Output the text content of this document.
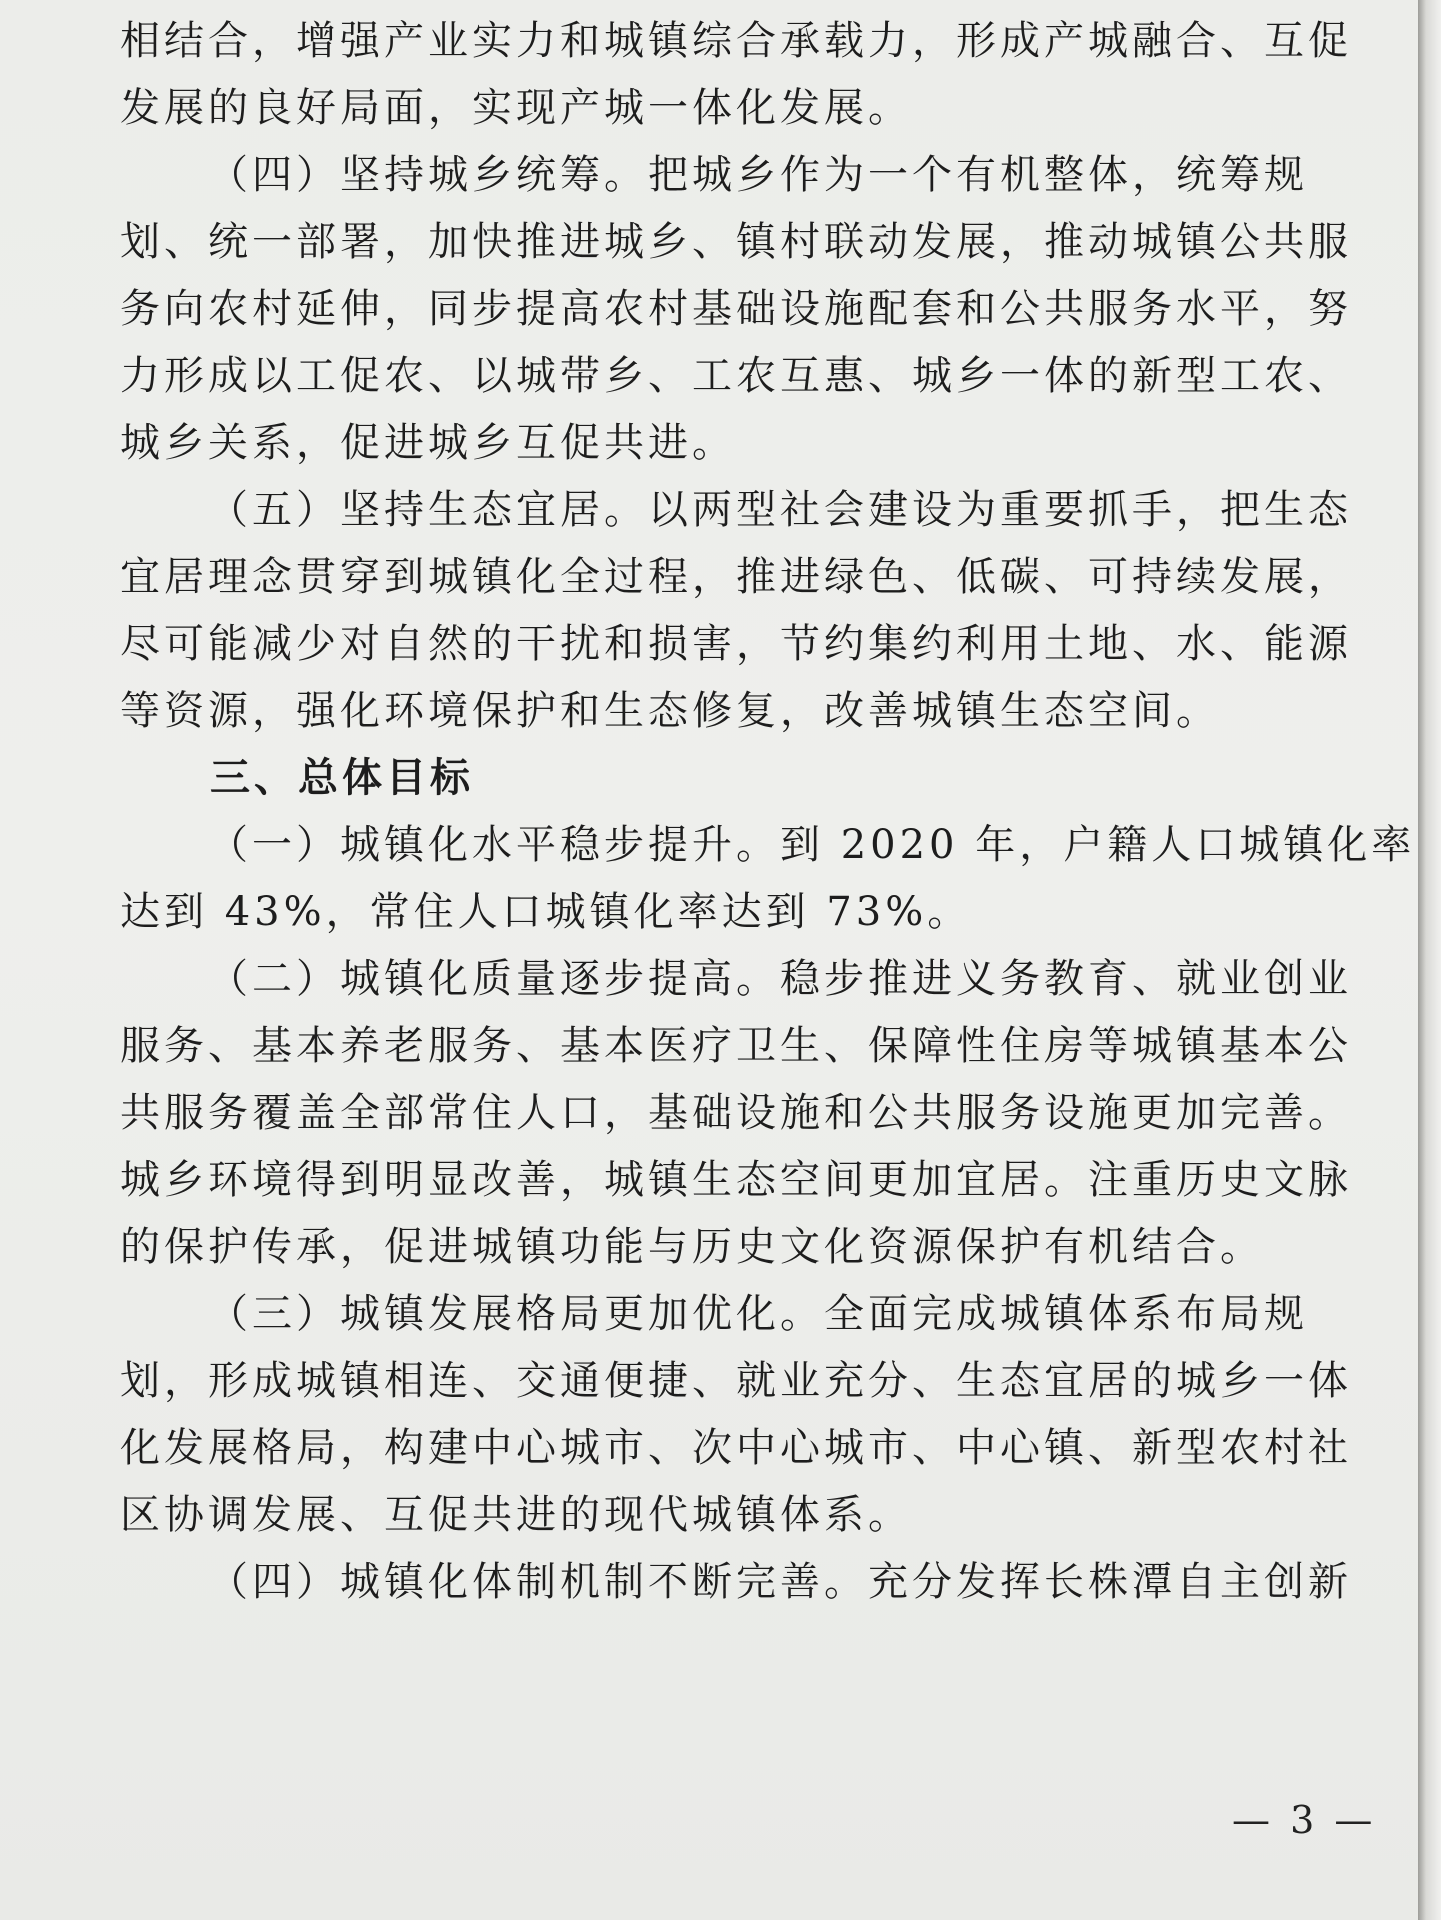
相结合，增强产业实力和城镇综合承载力，形成产城融合、互促
发展的良好局面，实现产城一体化发展。
（四）坚持城乡统筹。把城乡作为一个有机整体，统筹规
划、统一部署，加快推进城乡、镇村联动发展，推动城镇公共服
务向农村延伸，同步提高农村基础设施配套和公共服务水平，努
力形成以工促农、以城带乡、工农互惠、城乡一体的新型工农、
城乡关系，促进城乡互促共进。
（五）坚持生态宜居。以两型社会建设为重要抓手，把生态
宜居理念贯穿到城镇化全过程，推进绿色、低碳、可持续发展，
尽可能减少对自然的干扰和损害，节约集约利用土地、水、能源
等资源，强化环境保护和生态修复，改善城镇生态空间。
三、总体目标
（一）城镇化水平稳步提升。到 2020 年，户籍人口城镇化率
达到 43%，常住人口城镇化率达到 73%。
（二）城镇化质量逐步提高。稳步推进义务教育、就业创业
服务、基本养老服务、基本医疗卫生、保障性住房等城镇基本公
共服务覆盖全部常住人口，基础设施和公共服务设施更加完善。
城乡环境得到明显改善，城镇生态空间更加宜居。注重历史文脉
的保护传承，促进城镇功能与历史文化资源保护有机结合。
（三）城镇发展格局更加优化。全面完成城镇体系布局规
划，形成城镇相连、交通便捷、就业充分、生态宜居的城乡一体
化发展格局，构建中心城市、次中心城市、中心镇、新型农村社
区协调发展、互促共进的现代城镇体系。
（四）城镇化体制机制不断完善。充分发挥长株潭自主创新
— 3 —
